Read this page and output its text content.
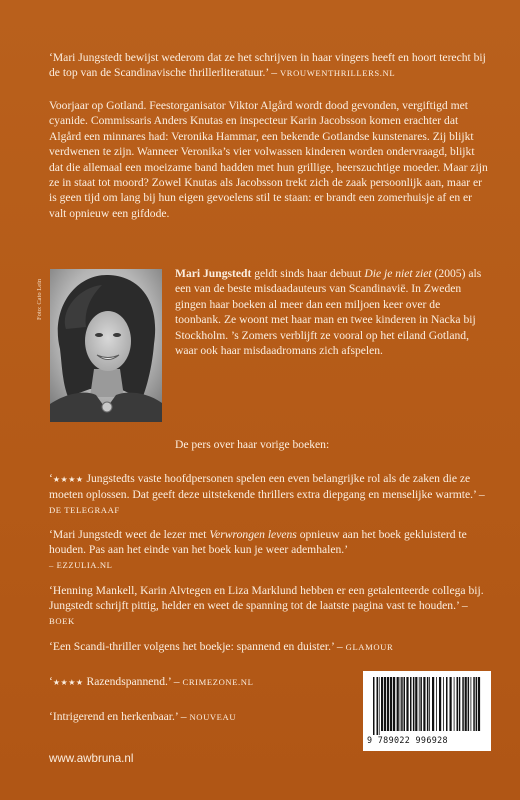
‘Mari Jungstedt bewijst wederom dat ze het schrijven in haar vingers heeft en hoort terecht bij de top van de Scandinavische thrillerliteratuur.’ – VROUWENTHRILLERS.NL

Voorjaar op Gotland. Feestorganisator Viktor Algård wordt dood gevonden, vergiftigd met cyanide. Commissaris Anders Knutas en inspecteur Karin Jacobsson komen erachter dat Algård een minnares had: Veronika Hammar, een bekende Gotlandse kunstenares. Zij blijkt verdwenen te zijn. Wanneer Veronika’s vier volwassen kinderen worden ondervraagd, blijkt dat die allemaal een moeizame band hadden met hun grillige, heerszuchtige moeder. Maar zijn ze in staat tot moord? Zowel Knutas als Jacobsson trekt zich de zaak persoonlijk aan, maar er is geen tijd om lang bij hun eigen gevoelens stil te staan: er brandt een zomerhuisje af en er valt opnieuw een gifdode.

Foto: Cato Lein

Mari Jungstedt geldt sinds haar debuut Die je niet ziet (2005) als een van de beste misdaadauteurs van Scandinavië. In Zweden gingen haar boeken al meer dan een miljoen keer over de toonbank. Ze woont met haar man en twee kinderen in Nacka bij Stockholm. ’s Zomers verblijft ze vooral op het eiland Gotland, waar ook haar misdaadromans zich afspelen.

De pers over haar vorige boeken:

‘★★★★ Jungstedts vaste hoofdpersonen spelen een even belangrijke rol als de zaken die ze moeten oplossen. Dat geeft deze uitstekende thrillers extra diepgang en menselijke warmte.’ – DE TELEGRAAF

‘Mari Jungstedt weet de lezer met Verwrongen levens opnieuw aan het boek gekluisterd te houden. Pas aan het einde van het boek kun je weer ademhalen.’
– EZZULIA.NL

‘Henning Mankell, Karin Alvtegen en Liza Marklund hebben er een getalenteerde collega bij. Jungstedt schrijft pittig, helder en weet de spanning tot de laatste pagina vast te houden.’ – BOEK

‘Een Scandi-thriller volgens het boekje: spannend en duister.’ – GLAMOUR

‘★★★★ Razendspannend.’ – CRIMEZONE.NL

‘Intrigerend en herkenbaar.’ – NOUVEAU

www.awbruna.nl
9 789022 996928
